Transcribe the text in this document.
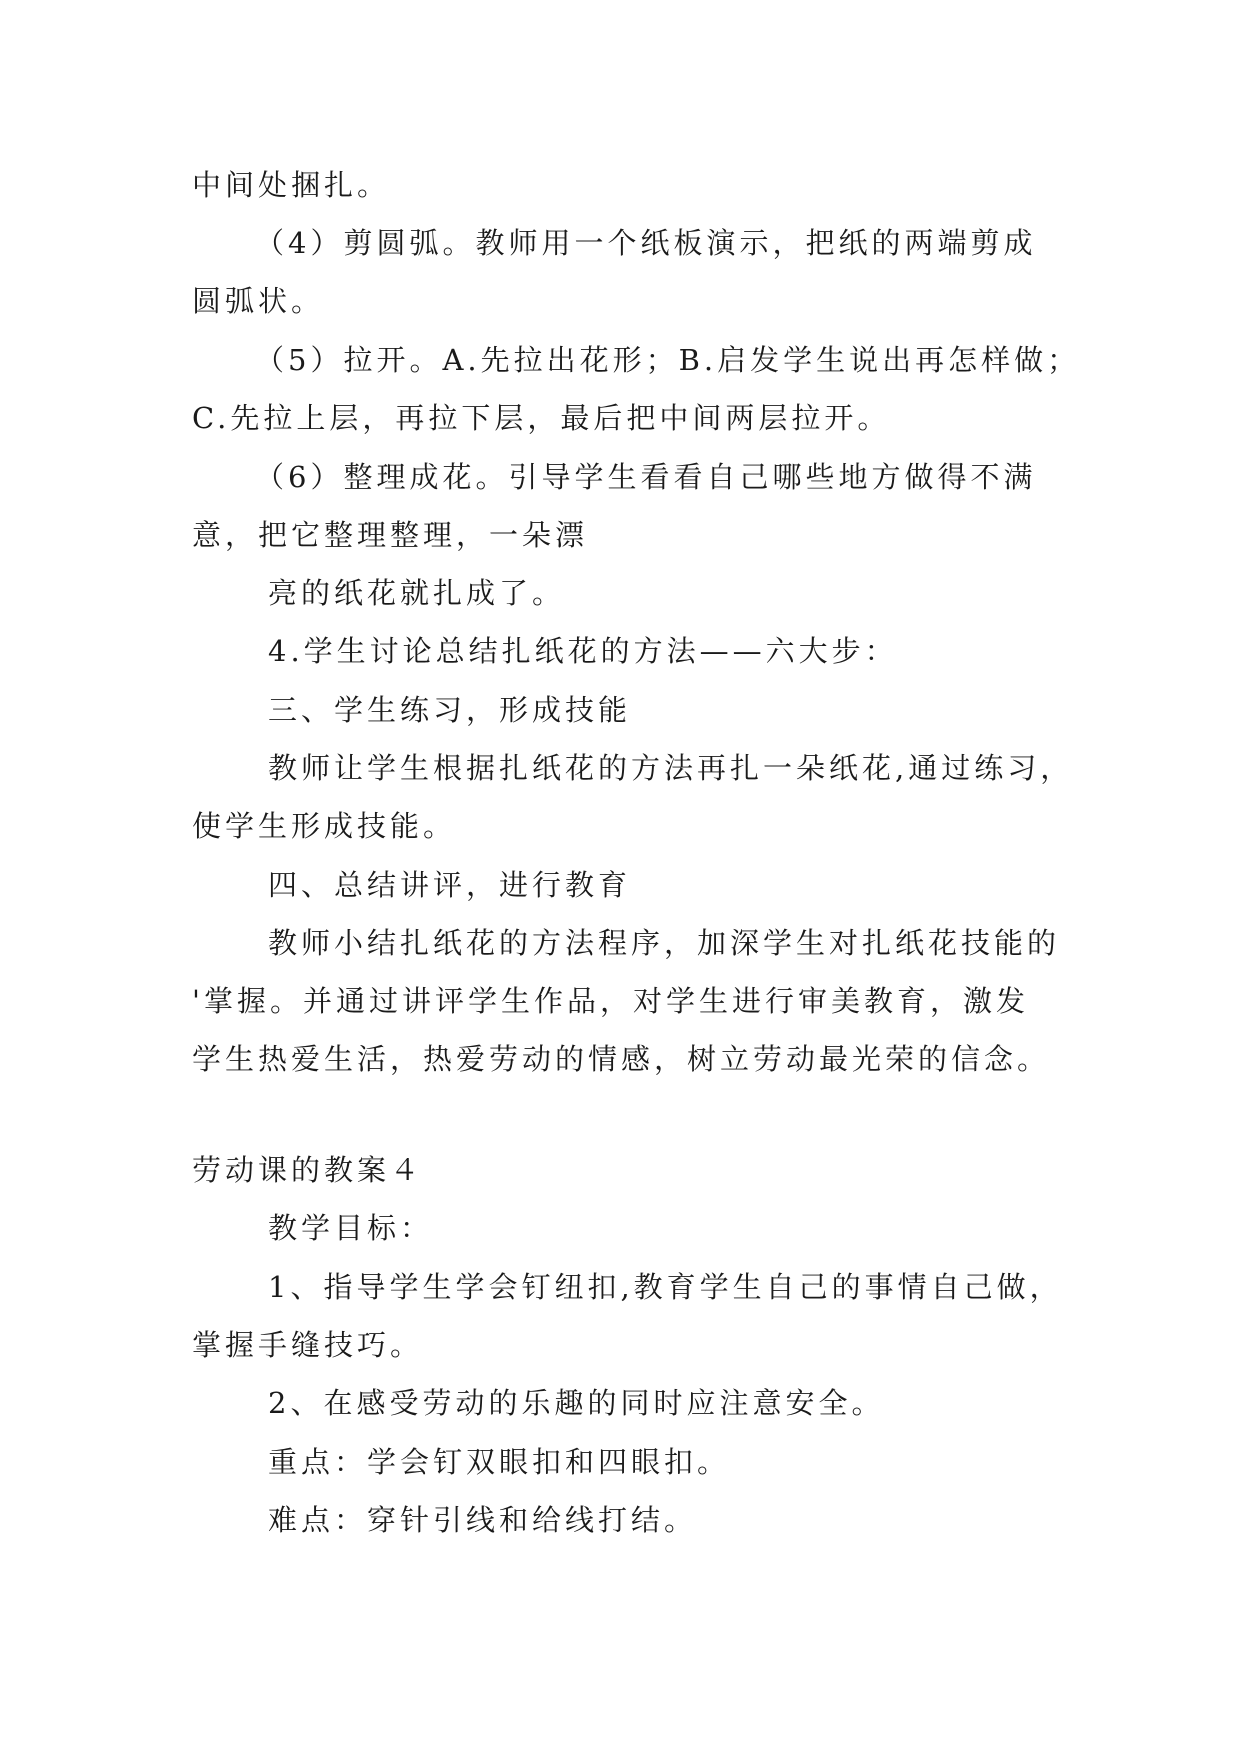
中间处捆扎。
（4）剪圆弧。教师用一个纸板演示，把纸的两端剪成
圆弧状。
（5）拉开。A.先拉出花形；B.启发学生说出再怎样做；
C.先拉上层，再拉下层，最后把中间两层拉开。
（6）整理成花。引导学生看看自己哪些地方做得不满
意，把它整理整理，一朵漂
亮的纸花就扎成了。
4.学生讨论总结扎纸花的方法——六大步：
三、学生练习，形成技能
教师让学生根据扎纸花的方法再扎一朵纸花,通过练习，
使学生形成技能。
四、总结讲评，进行教育
教师小结扎纸花的方法程序，加深学生对扎纸花技能的
'掌握。并通过讲评学生作品，对学生进行审美教育，激发
学生热爱生活，热爱劳动的情感，树立劳动最光荣的信念。
劳动课的教案４
教学目标：
1、指导学生学会钉纽扣,教育学生自己的事情自己做，
掌握手缝技巧。
2、在感受劳动的乐趣的同时应注意安全。
重点：学会钉双眼扣和四眼扣。
难点：穿针引线和给线打结。
